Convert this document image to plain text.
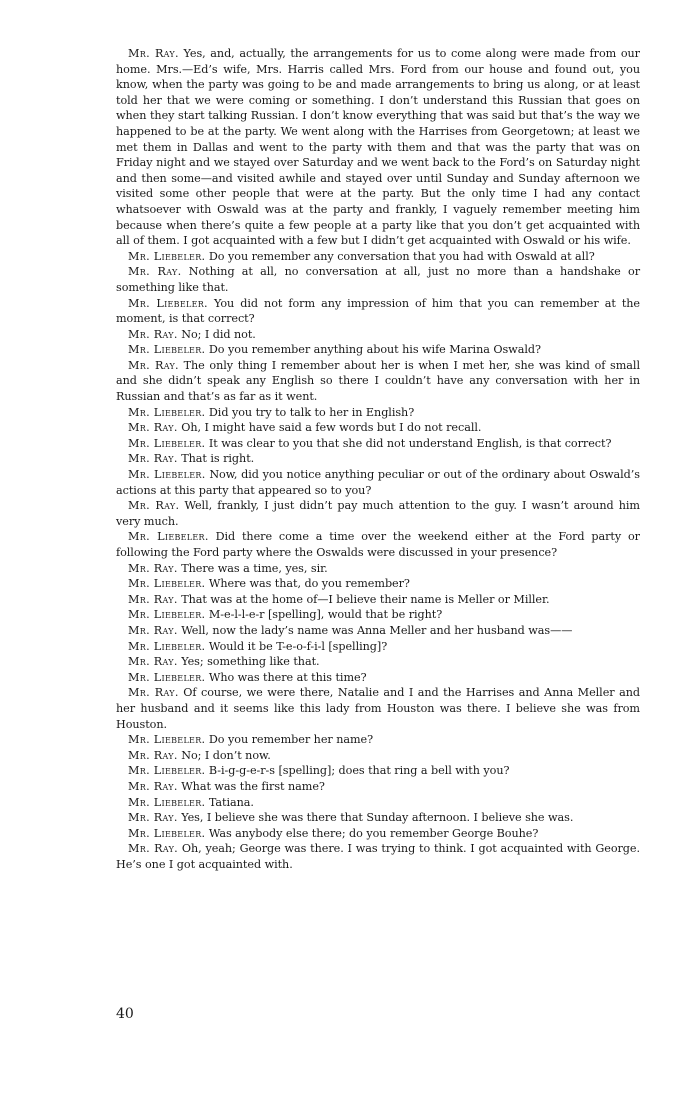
Mr. Ray. Yes, and, actually, the arrangements for us to come along were made from our home. Mrs.—Ed’s wife, Mrs. Harris called Mrs. Ford from our house and found out, you know, when the party was going to be and made arrangements to bring us along, or at least told her that we were coming or something. I don’t understand this Russian that goes on when they start talking Russian. I don’t know everything that was said but that’s the way we happened to be at the party. We went along with the Harrises from Georgetown; at least we met them in Dallas and went to the party with them and that was the party that was on Friday night and we stayed over Saturday and we went back to the Ford’s on Saturday night and then some—and visited awhile and stayed over until Sunday and Sunday afternoon we visited some other people that were at the party. But the only time I had any contact whatsoever with Oswald was at the party and frankly, I vaguely remember meeting him because when there’s quite a few people at a party like that you don’t get acquainted with all of them. I got acquainted with a few but I didn’t get acquainted with Oswald or his wife.

Mr. Liebeler. Do you remember any conversation that you had with Oswald at all?

Mr. Ray. Nothing at all, no conversation at all, just no more than a handshake or something like that.

Mr. Liebeler. You did not form any impression of him that you can remember at the moment, is that correct?

Mr. Ray. No; I did not.

Mr. Liebeler. Do you remember anything about his wife Marina Oswald?

Mr. Ray. The only thing I remember about her is when I met her, she was kind of small and she didn’t speak any English so there I couldn’t have any conversation with her in Russian and that’s as far as it went.

Mr. Liebeler. Did you try to talk to her in English?

Mr. Ray. Oh, I might have said a few words but I do not recall.

Mr. Liebeler. It was clear to you that she did not understand English, is that correct?

Mr. Ray. That is right.

Mr. Liebeler. Now, did you notice anything peculiar or out of the ordinary about Oswald’s actions at this party that appeared so to you?

Mr. Ray. Well, frankly, I just didn’t pay much attention to the guy. I wasn’t around him very much.

Mr. Liebeler. Did there come a time over the weekend either at the Ford party or following the Ford party where the Oswalds were discussed in your presence?

Mr. Ray. There was a time, yes, sir.

Mr. Liebeler. Where was that, do you remember?

Mr. Ray. That was at the home of—I believe their name is Meller or Miller.

Mr. Liebeler. M-e-l-l-e-r [spelling], would that be right?

Mr. Ray. Well, now the lady’s name was Anna Meller and her husband was——

Mr. Liebeler. Would it be T-e-o-f-i-l [spelling]?

Mr. Ray. Yes; something like that.

Mr. Liebeler. Who was there at this time?

Mr. Ray. Of course, we were there, Natalie and I and the Harrises and Anna Meller and her husband and it seems like this lady from Houston was there. I believe she was from Houston.

Mr. Liebeler. Do you remember her name?

Mr. Ray. No; I don’t now.

Mr. Liebeler. B-i-g-g-e-r-s [spelling]; does that ring a bell with you?

Mr. Ray. What was the first name?

Mr. Liebeler. Tatiana.

Mr. Ray. Yes, I believe she was there that Sunday afternoon. I believe she was.

Mr. Liebeler. Was anybody else there; do you remember George Bouhe?

Mr. Ray. Oh, yeah; George was there. I was trying to think. I got acquainted with George. He’s one I got acquainted with.

40
